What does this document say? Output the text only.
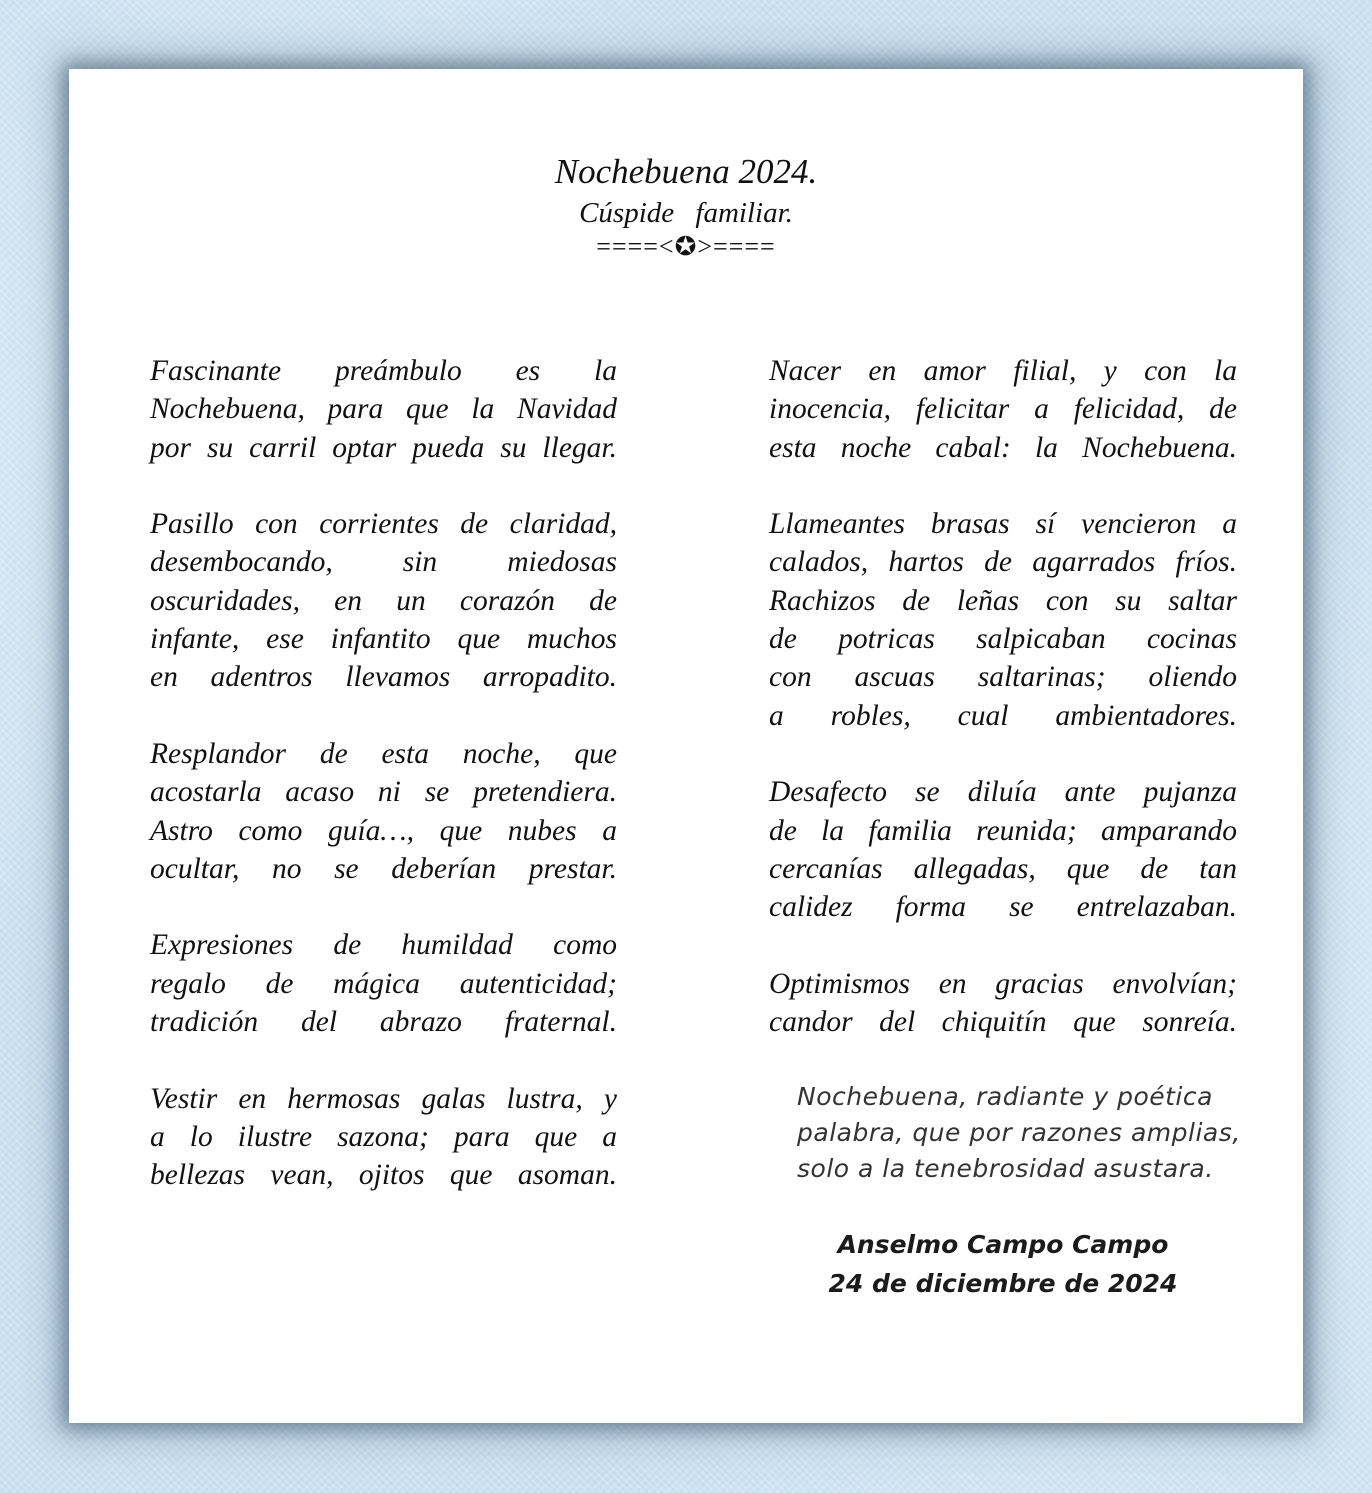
Nochebuena 2024.
Cúspide familiar.
====<✪>====
Fascinante preámbulo es la
Nochebuena, para que la Navidad
por su carril optar pueda su llegar.
Pasillo con corrientes de claridad,
desembocando, sin miedosas
oscuridades, en un corazón de
infante, ese infantito que muchos
en adentros llevamos arropadito.
Resplandor de esta noche, que
acostarla acaso ni se pretendiera.
Astro como guía…, que nubes a
ocultar, no se deberían prestar.
Expresiones de humildad como
regalo de mágica autenticidad;
tradición del abrazo fraternal.
Vestir en hermosas galas lustra, y
a lo ilustre sazona; para que a
bellezas vean, ojitos que asoman.
Nacer en amor filial, y con la
inocencia, felicitar a felicidad, de
esta noche cabal: la Nochebuena.
Llameantes brasas sí vencieron a
calados, hartos de agarrados fríos.
Rachizos de leñas con su saltar
de potricas salpicaban cocinas
con ascuas saltarinas; oliendo
a robles, cual ambientadores.
Desafecto se diluía ante pujanza
de la familia reunida; amparando
cercanías allegadas, que de tan
calidez forma se entrelazaban.
Optimismos en gracias envolvían;
candor del chiquitín que sonreía.
Nochebuena, radiante y poética
palabra, que por razones amplias,
solo a la tenebrosidad asustara.
Anselmo Campo Campo
24 de diciembre de 2024
